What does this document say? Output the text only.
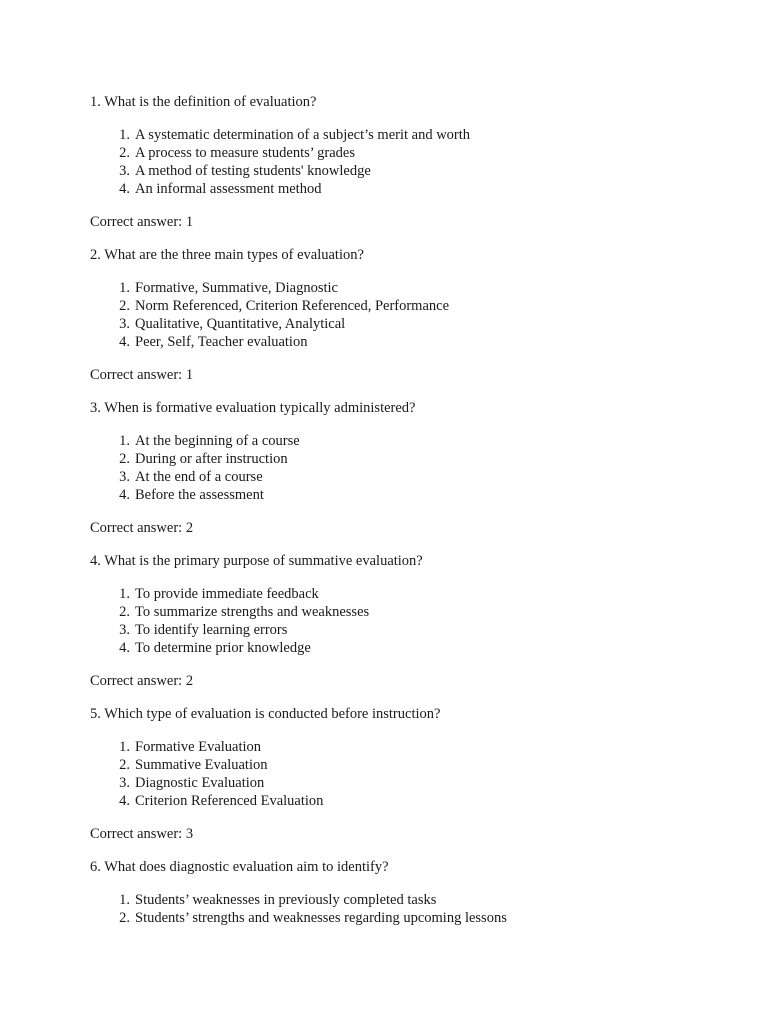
1. What is the definition of evaluation?

1. A systematic determination of a subject’s merit and worth
2. A process to measure students’ grades
3. A method of testing students' knowledge
4. An informal assessment method

Correct answer: 1

2. What are the three main types of evaluation?

1. Formative, Summative, Diagnostic
2. Norm Referenced, Criterion Referenced, Performance
3. Qualitative, Quantitative, Analytical
4. Peer, Self, Teacher evaluation

Correct answer: 1

3. When is formative evaluation typically administered?

1. At the beginning of a course
2. During or after instruction
3. At the end of a course
4. Before the assessment

Correct answer: 2

4. What is the primary purpose of summative evaluation?

1. To provide immediate feedback
2. To summarize strengths and weaknesses
3. To identify learning errors
4. To determine prior knowledge

Correct answer: 2

5. Which type of evaluation is conducted before instruction?

1. Formative Evaluation
2. Summative Evaluation
3. Diagnostic Evaluation
4. Criterion Referenced Evaluation

Correct answer: 3

6. What does diagnostic evaluation aim to identify?

1. Students’ weaknesses in previously completed tasks
2. Students’ strengths and weaknesses regarding upcoming lessons
